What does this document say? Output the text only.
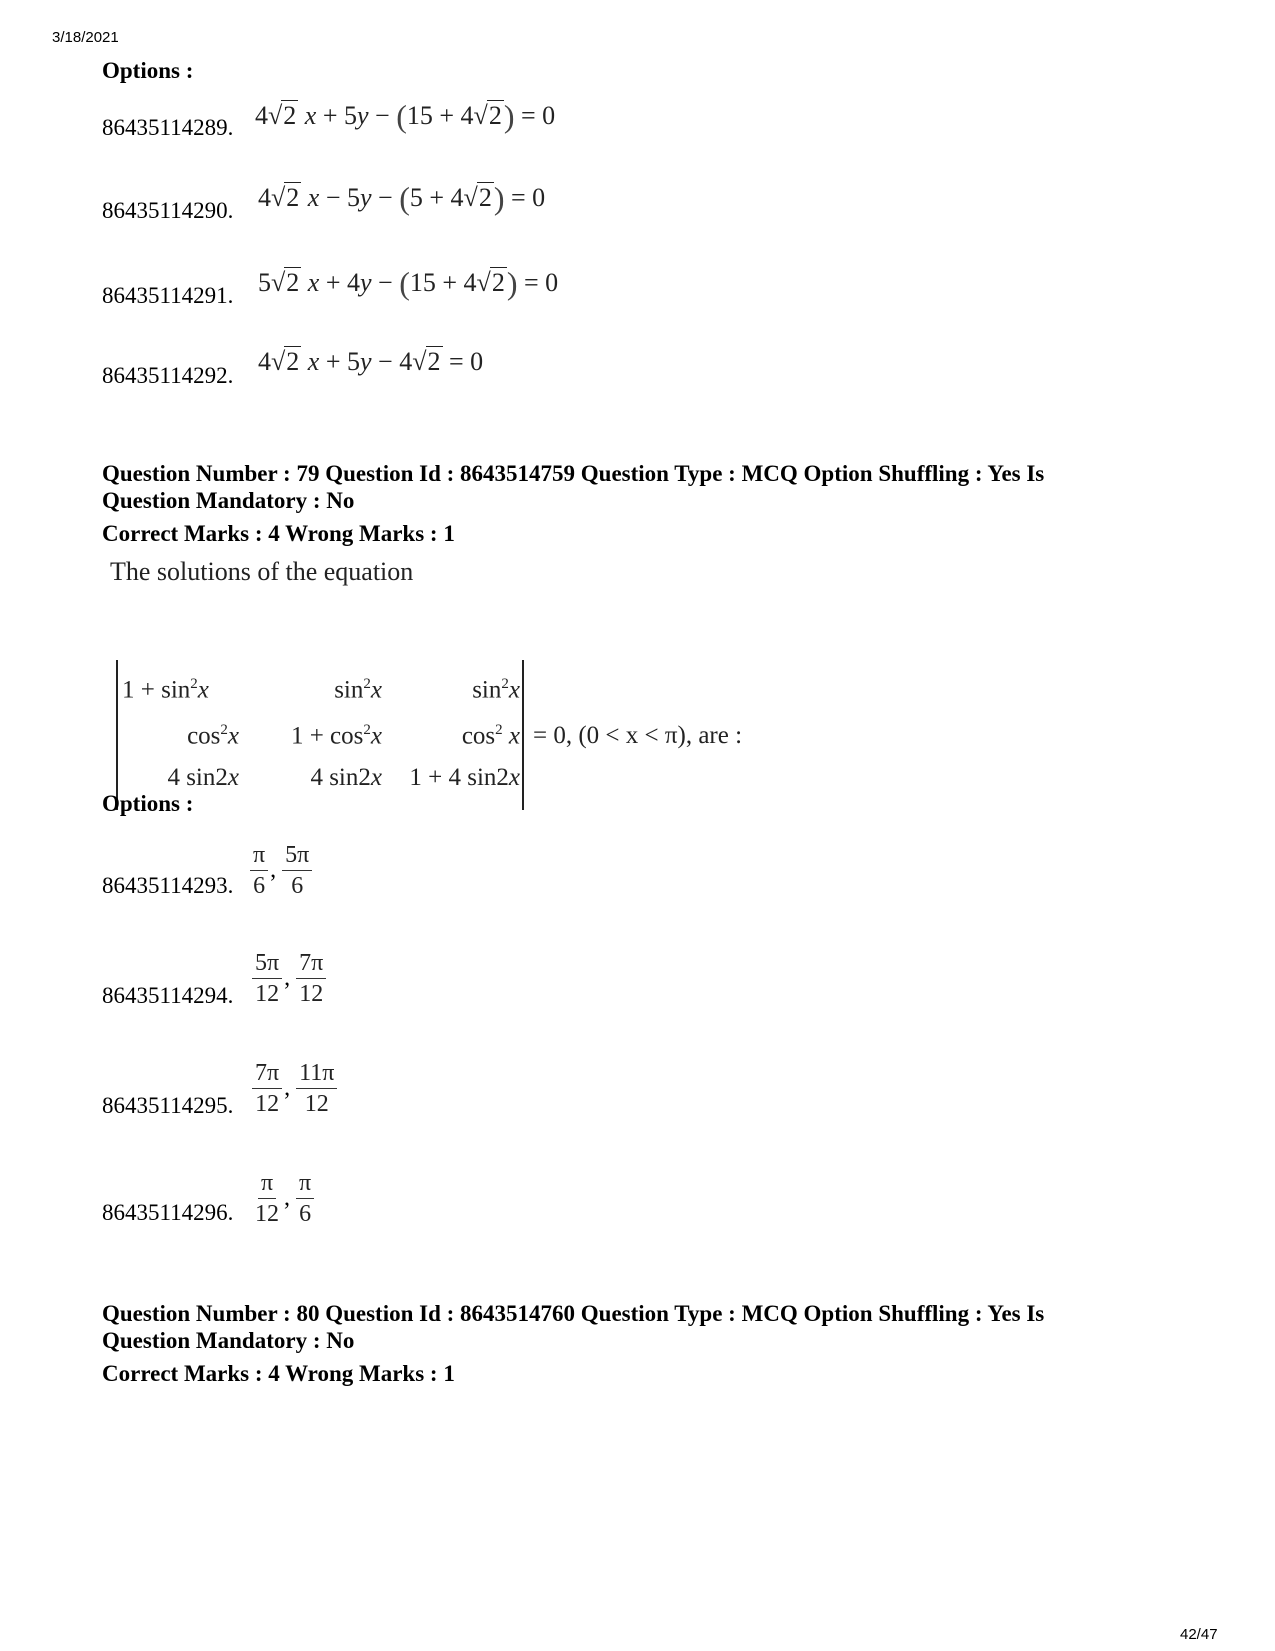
3/18/2021
42/47
Options :
86435114289. 4√2 x + 5y − (15 + 4√2) = 0
86435114290. 4√2 x − 5y − (5 + 4√2) = 0
86435114291. 5√2 x + 4y − (15 + 4√2) = 0
86435114292. 4√2 x + 5y − 4√2 = 0
Question Number : 79 Question Id : 8643514759 Question Type : MCQ Option Shuffling : Yes Is
Question Mandatory : No
Correct Marks : 4 Wrong Marks : 1
The solutions of the equation
$1 + \sin^2x$	$\sin^2x$	$\sin^2x$
$\cos^2x$	$1 + \cos^2x$	$\cos^2 x$
4 sin2x	4 sin2x	1 + 4 sin2x
= 0, (0 < x < π), are :
Options :
86435114293. $\frac{\pi}{6}$ , $\frac{5\pi}{6}$
86435114294. $\frac{5\pi}{12}$ , $\frac{7\pi}{12}$
86435114295. $\frac{7\pi}{12}$ , $\frac{11\pi}{12}$
86435114296. $\frac{\pi}{12}$ , $\frac{\pi}{6}$
Question Number : 80 Question Id : 8643514760 Question Type : MCQ Option Shuffling : Yes Is
Question Mandatory : No
Correct Marks : 4 Wrong Marks : 1
